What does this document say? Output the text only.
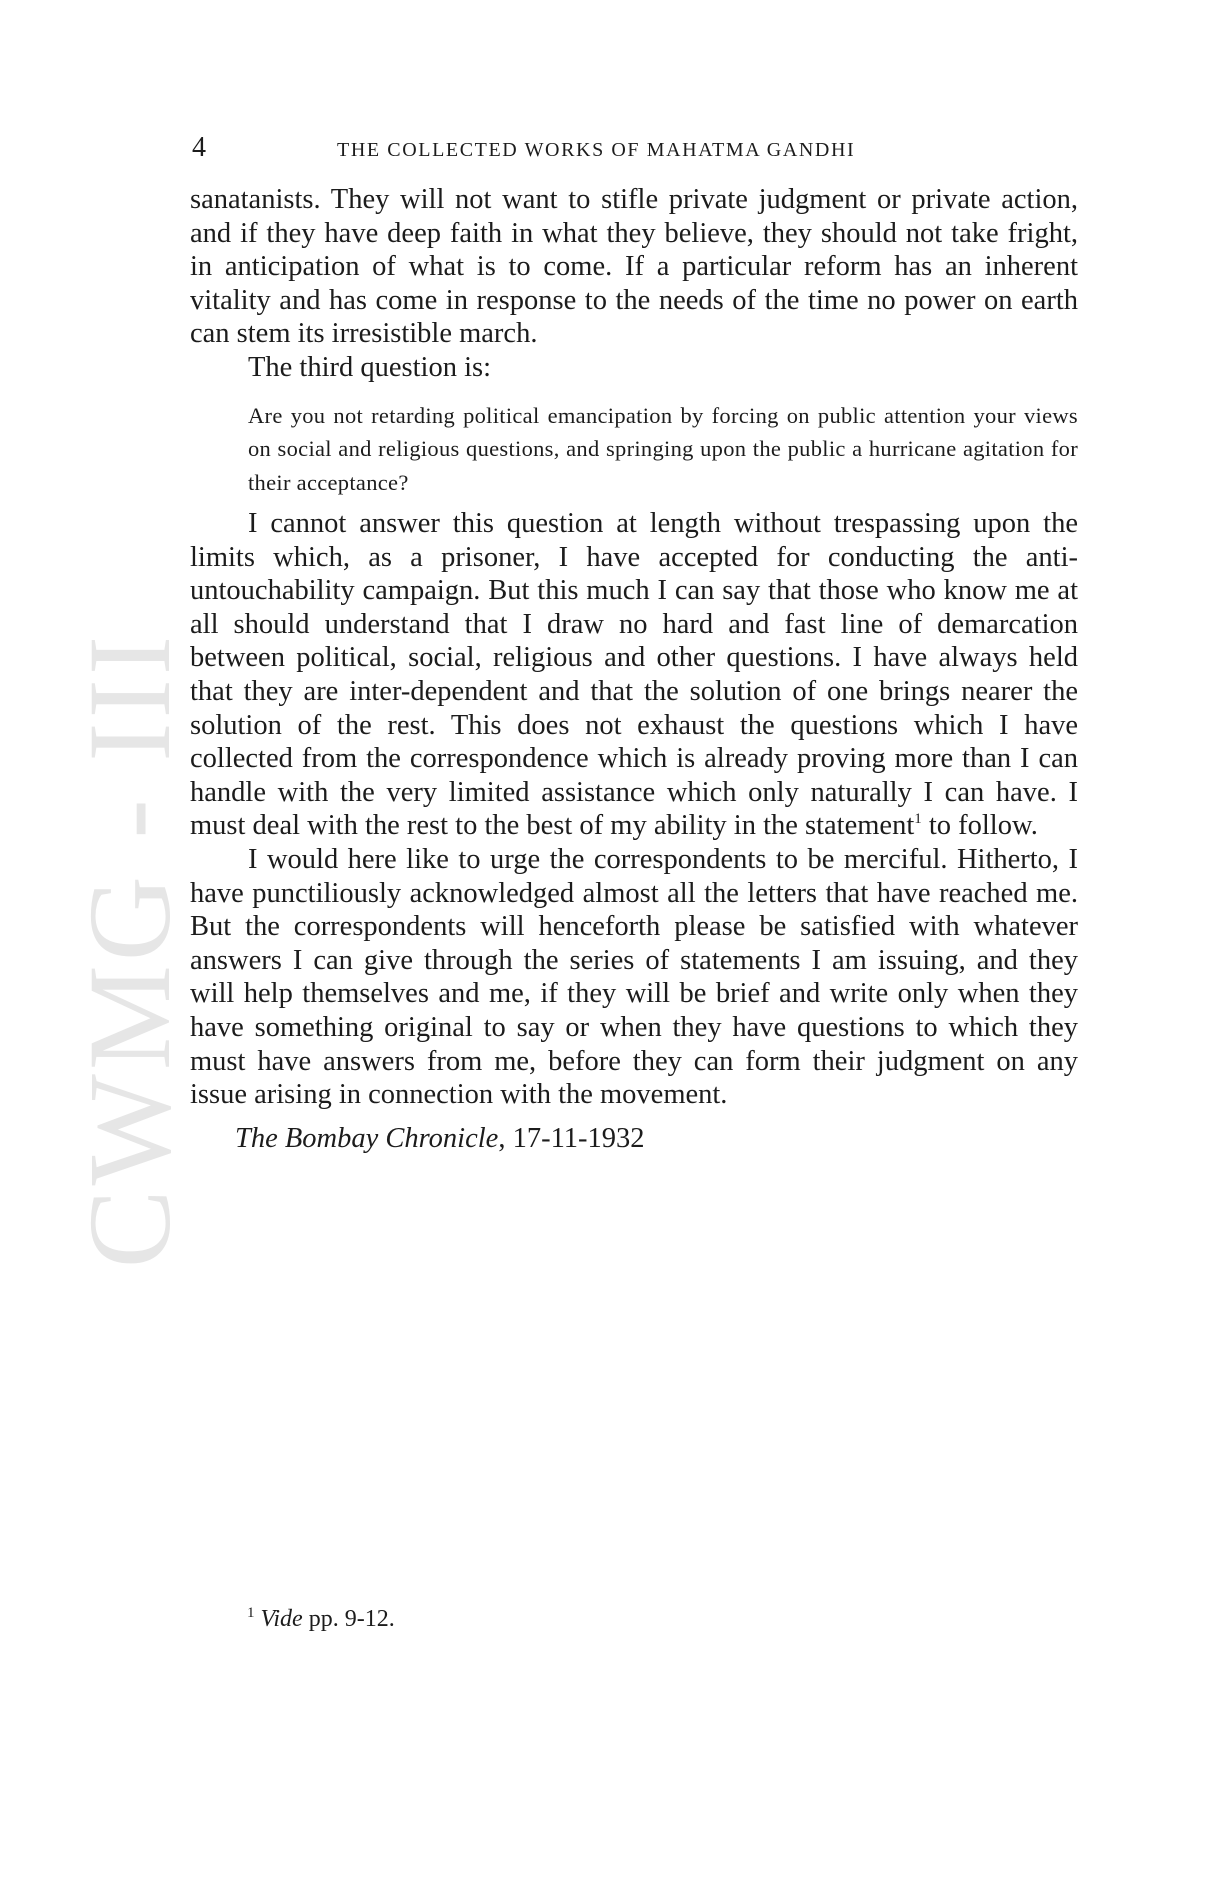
CWMG - III
4	THE COLLECTED WORKS OF MAHATMA GANDHI

sanatanists. They will not want to stifle private judgment or private action, and if they have deep faith in what they believe, they should not take fright, in anticipation of what is to come. If a particular reform has an inherent vitality and has come in response to the needs of the time no power on earth can stem its irresistible march.

The third question is:

Are you not retarding political emancipation by forcing on public attention your views on social and religious questions, and springing upon the public a hurricane agitation for their acceptance?

I cannot answer this question at length without trespassing upon the limits which, as a prisoner, I have accepted for conducting the anti-untouchability campaign. But this much I can say that those who know me at all should understand that I draw no hard and fast line of demarcation between political, social, religious and other questions. I have always held that they are inter-dependent and that the solution of one brings nearer the solution of the rest. This does not exhaust the questions which I have collected from the correspondence which is already proving more than I can handle with the very limited assistance which only naturally I can have. I must deal with the rest to the best of my ability in the statement$^1$ to follow.

I would here like to urge the correspondents to be merciful. Hitherto, I have punctiliously acknowledged almost all the letters that have reached me. But the correspondents will henceforth please be satisfied with whatever answers I can give through the series of statements I am issuing, and they will help themselves and me, if they will be brief and write only when they have something original to say or when they have questions to which they must have answers from me, before they can form their judgment on any issue arising in connection with the movement.

The Bombay Chronicle, 17-11-1932

$^1$ Vide pp. 9-12.
